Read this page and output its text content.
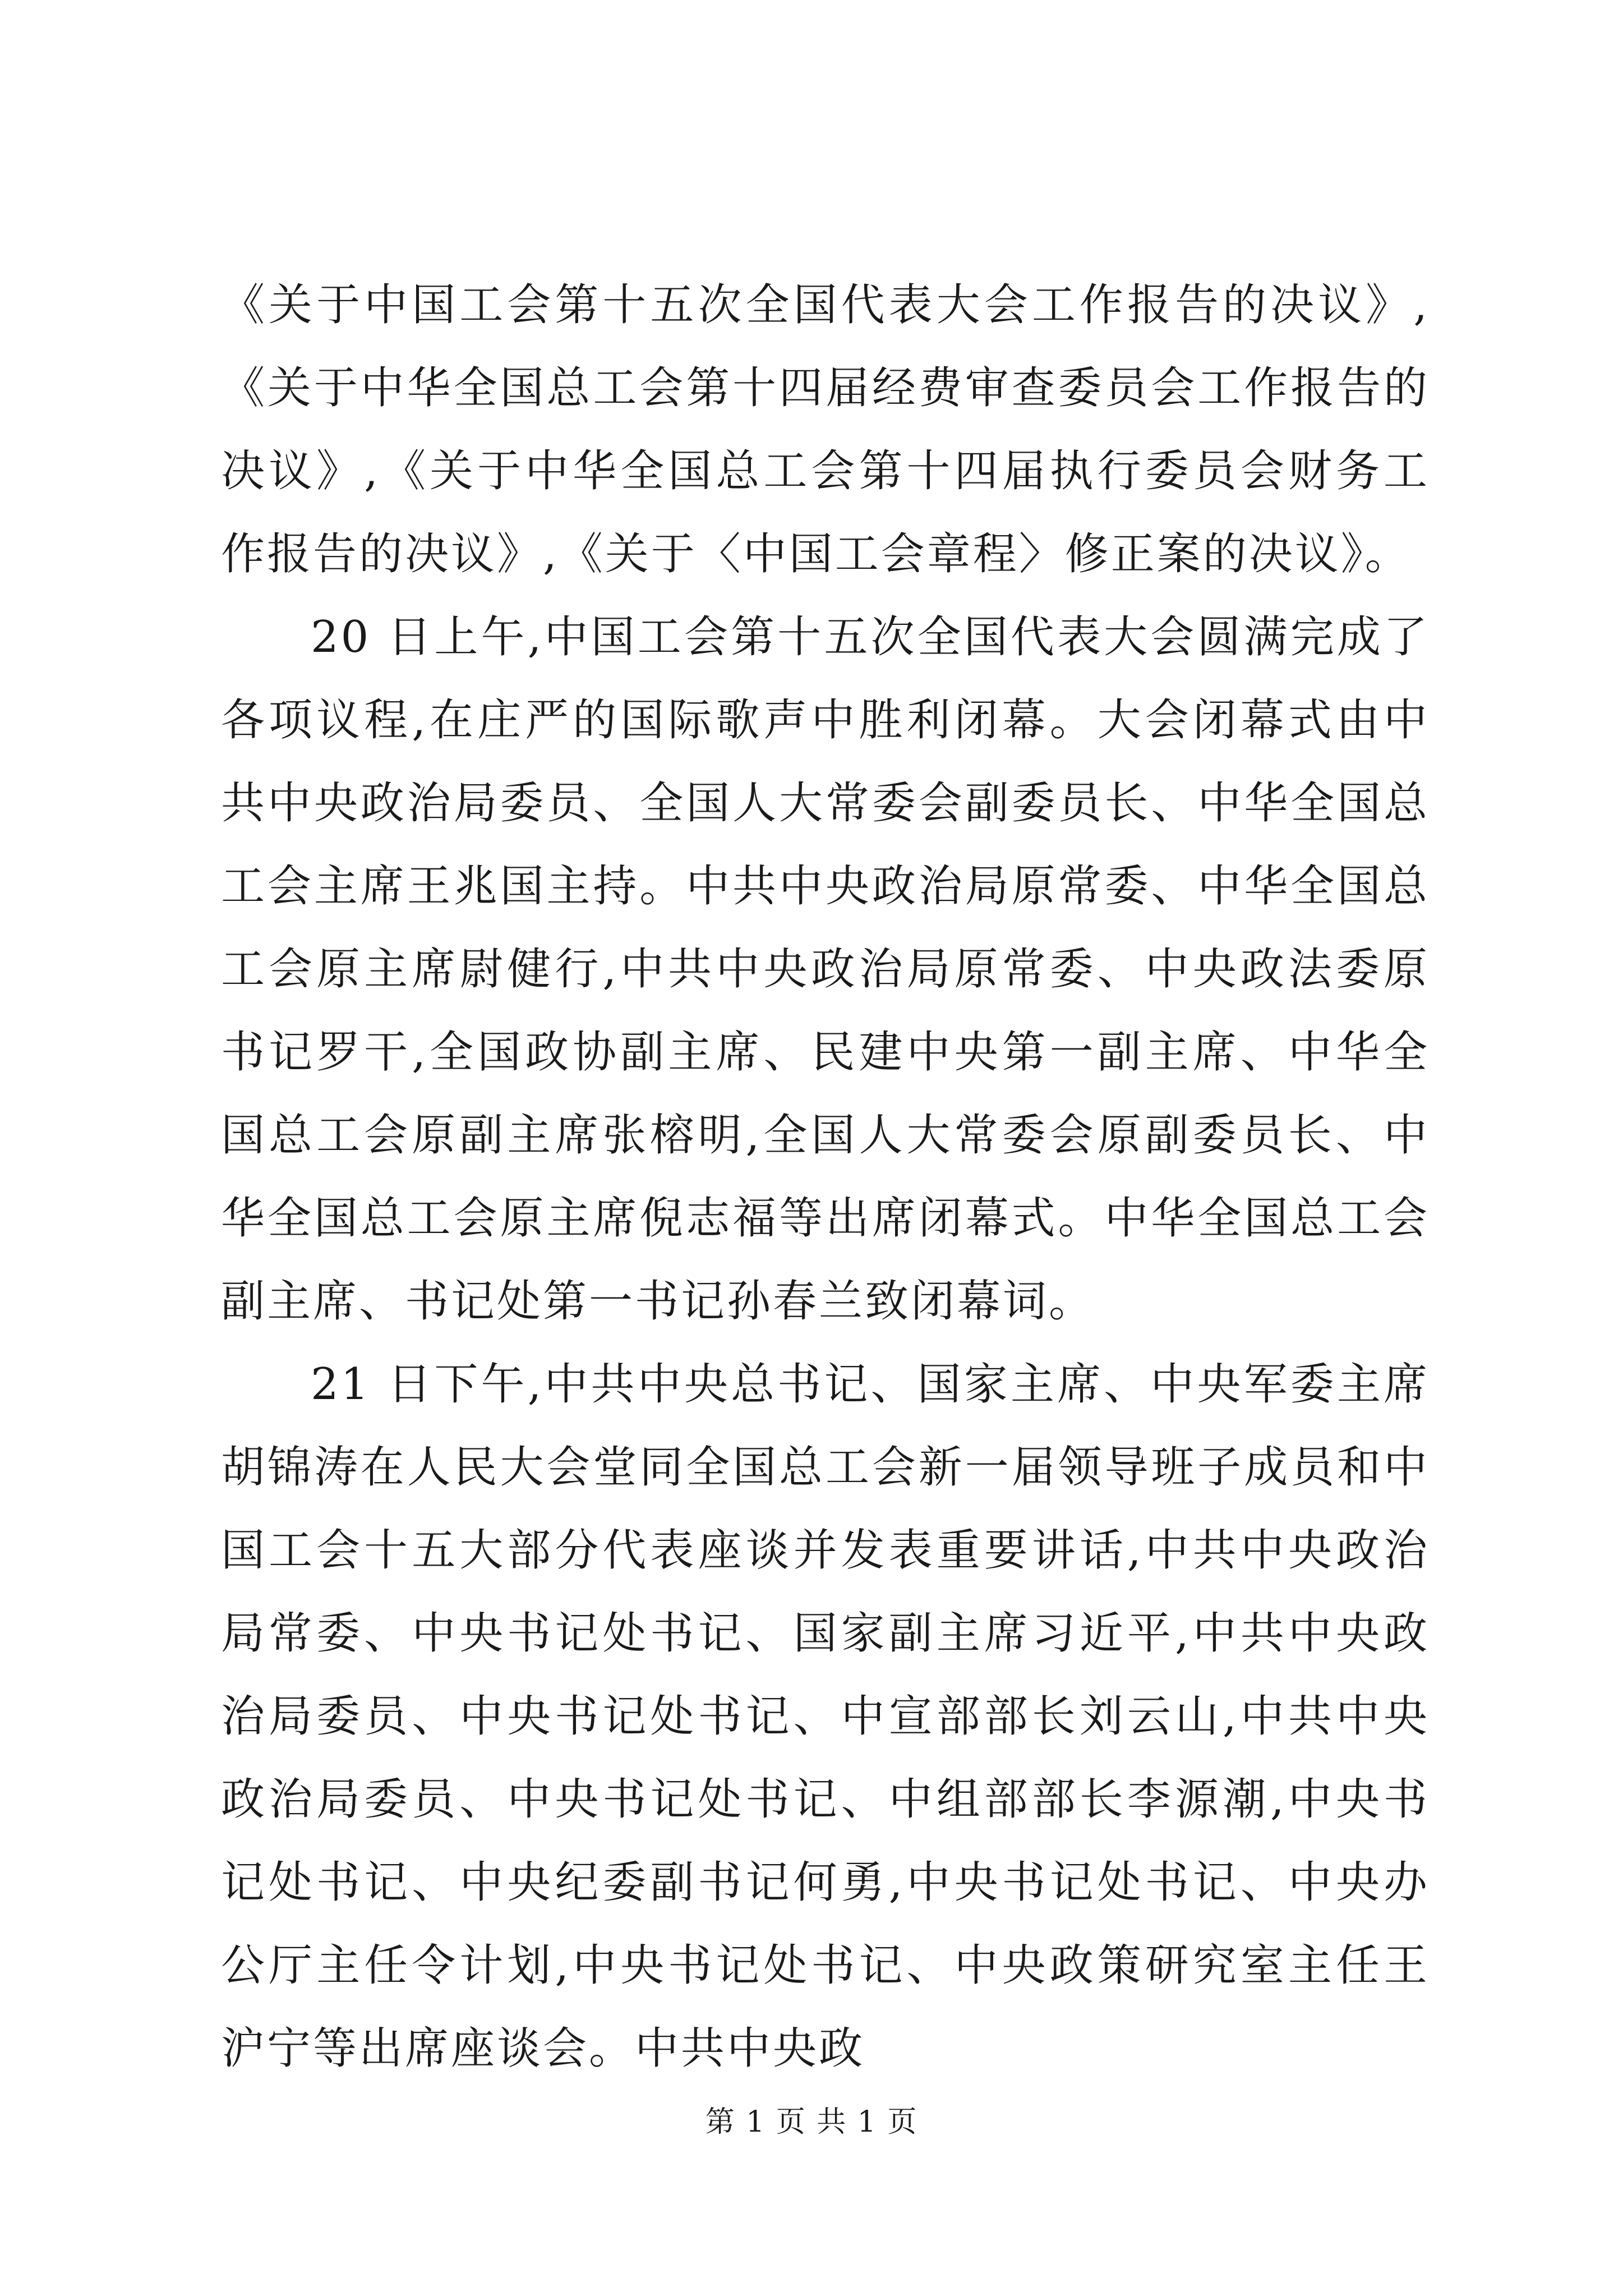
《关于中国工会第十五次全国代表大会工作报告的决议》,《关于中华全国总工会第十四届经费审查委员会工作报告的决议》,《关于中华全国总工会第十四届执行委员会财务工作报告的决议》,《关于〈中国工会章程〉修正案的决议》。

20 日上午,中国工会第十五次全国代表大会圆满完成了各项议程,在庄严的国际歌声中胜利闭幕。大会闭幕式由中共中央政治局委员、全国人大常委会副委员长、中华全国总工会主席王兆国主持。中共中央政治局原常委、中华全国总工会原主席尉健行,中共中央政治局原常委、中央政法委原书记罗干,全国政协副主席、民建中央第一副主席、中华全国总工会原副主席张榕明,全国人大常委会原副委员长、中华全国总工会原主席倪志福等出席闭幕式。中华全国总工会副主席、书记处第一书记孙春兰致闭幕词。

21 日下午,中共中央总书记、国家主席、中央军委主席胡锦涛在人民大会堂同全国总工会新一届领导班子成员和中国工会十五大部分代表座谈并发表重要讲话,中共中央政治局常委、中央书记处书记、国家副主席习近平,中共中央政治局委员、中央书记处书记、中宣部部长刘云山,中共中央政治局委员、中央书记处书记、中组部部长李源潮,中央书记处书记、中央纪委副书记何勇,中央书记处书记、中央办公厅主任令计划,中央书记处书记、中央政策研究室主任王沪宁等出席座谈会。中共中央政

第 1 页 共 1 页
